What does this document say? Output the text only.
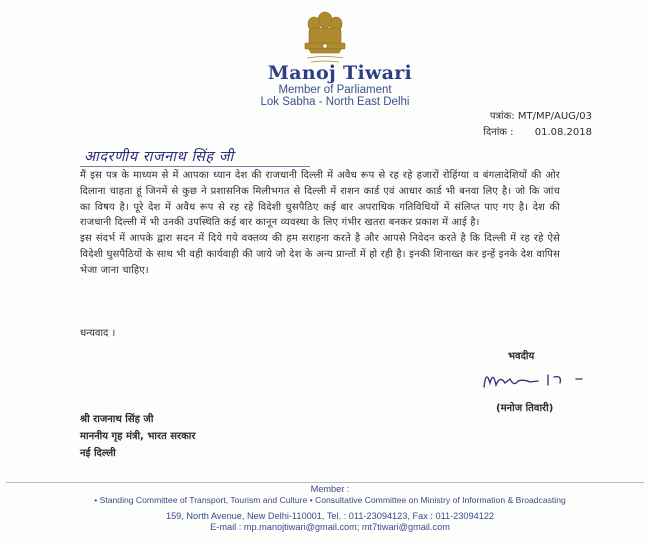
Manoj Tiwari
Member of Parliament
Lok Sabha - North East Delhi
पत्रांक: MT/MP/AUG/03
दिनांक : 01.08.2018
आदरणीय राजनाथ सिंह जी

मैं इस पत्र के माध्यम से में आपका ध्यान देश की राजधानी दिल्ली में अवैध रूप से रह रहे हजारों रोहिंग्या व बंगलादेशियों की ओर दिलाना चाहता हूं जिनमें से कुछ ने प्रशासनिक मिलीभगत से दिल्ली में राशन कार्ड एवं आधार कार्ड भी बनवा लिए है। जो कि जांच का विषय है। पूरे देश में अवैध रूप से रह रहे विदेशी घुसपैठिए कई बार अपराधिक गतिविधियों में संलिप्त पाए गए है। देश की राजधानी दिल्ली में भी उनकी उपस्थिति कई बार कानून व्यवस्था के लिए गंभीर खतरा बनकर प्रकाश में आई है।

इस संदर्भ में आपके द्वारा सदन में दिये गये वक्तव्य की हम सराहना करते है और आपसे निवेदन करते है कि दिल्ली में रह रहे ऐसे विदेशी घुसपैठियों के साथ भी वही कार्यवाही की जाये जो देश के अन्य प्रान्तों में हो रही है। इनकी शिनाख्त कर इन्हें इनके देश वापिस भेजा जाना चाहिए।

धन्यवाद ।
भवदीय
(मनोज तिवारी)
श्री राजनाथ सिंह जी
माननीय गृह मंत्री, भारत सरकार
नई दिल्ली
Member :
• Standing Committee of Transport, Tourism and Culture • Consultative Committee on Ministry of Information & Broadcasting
159, North Avenue, New Delhi-110001, Tel. : 011-23094123, Fax : 011-23094122
E-mail : mp.manojtiwari@gmail.com; mt7tiwari@gmail.com
